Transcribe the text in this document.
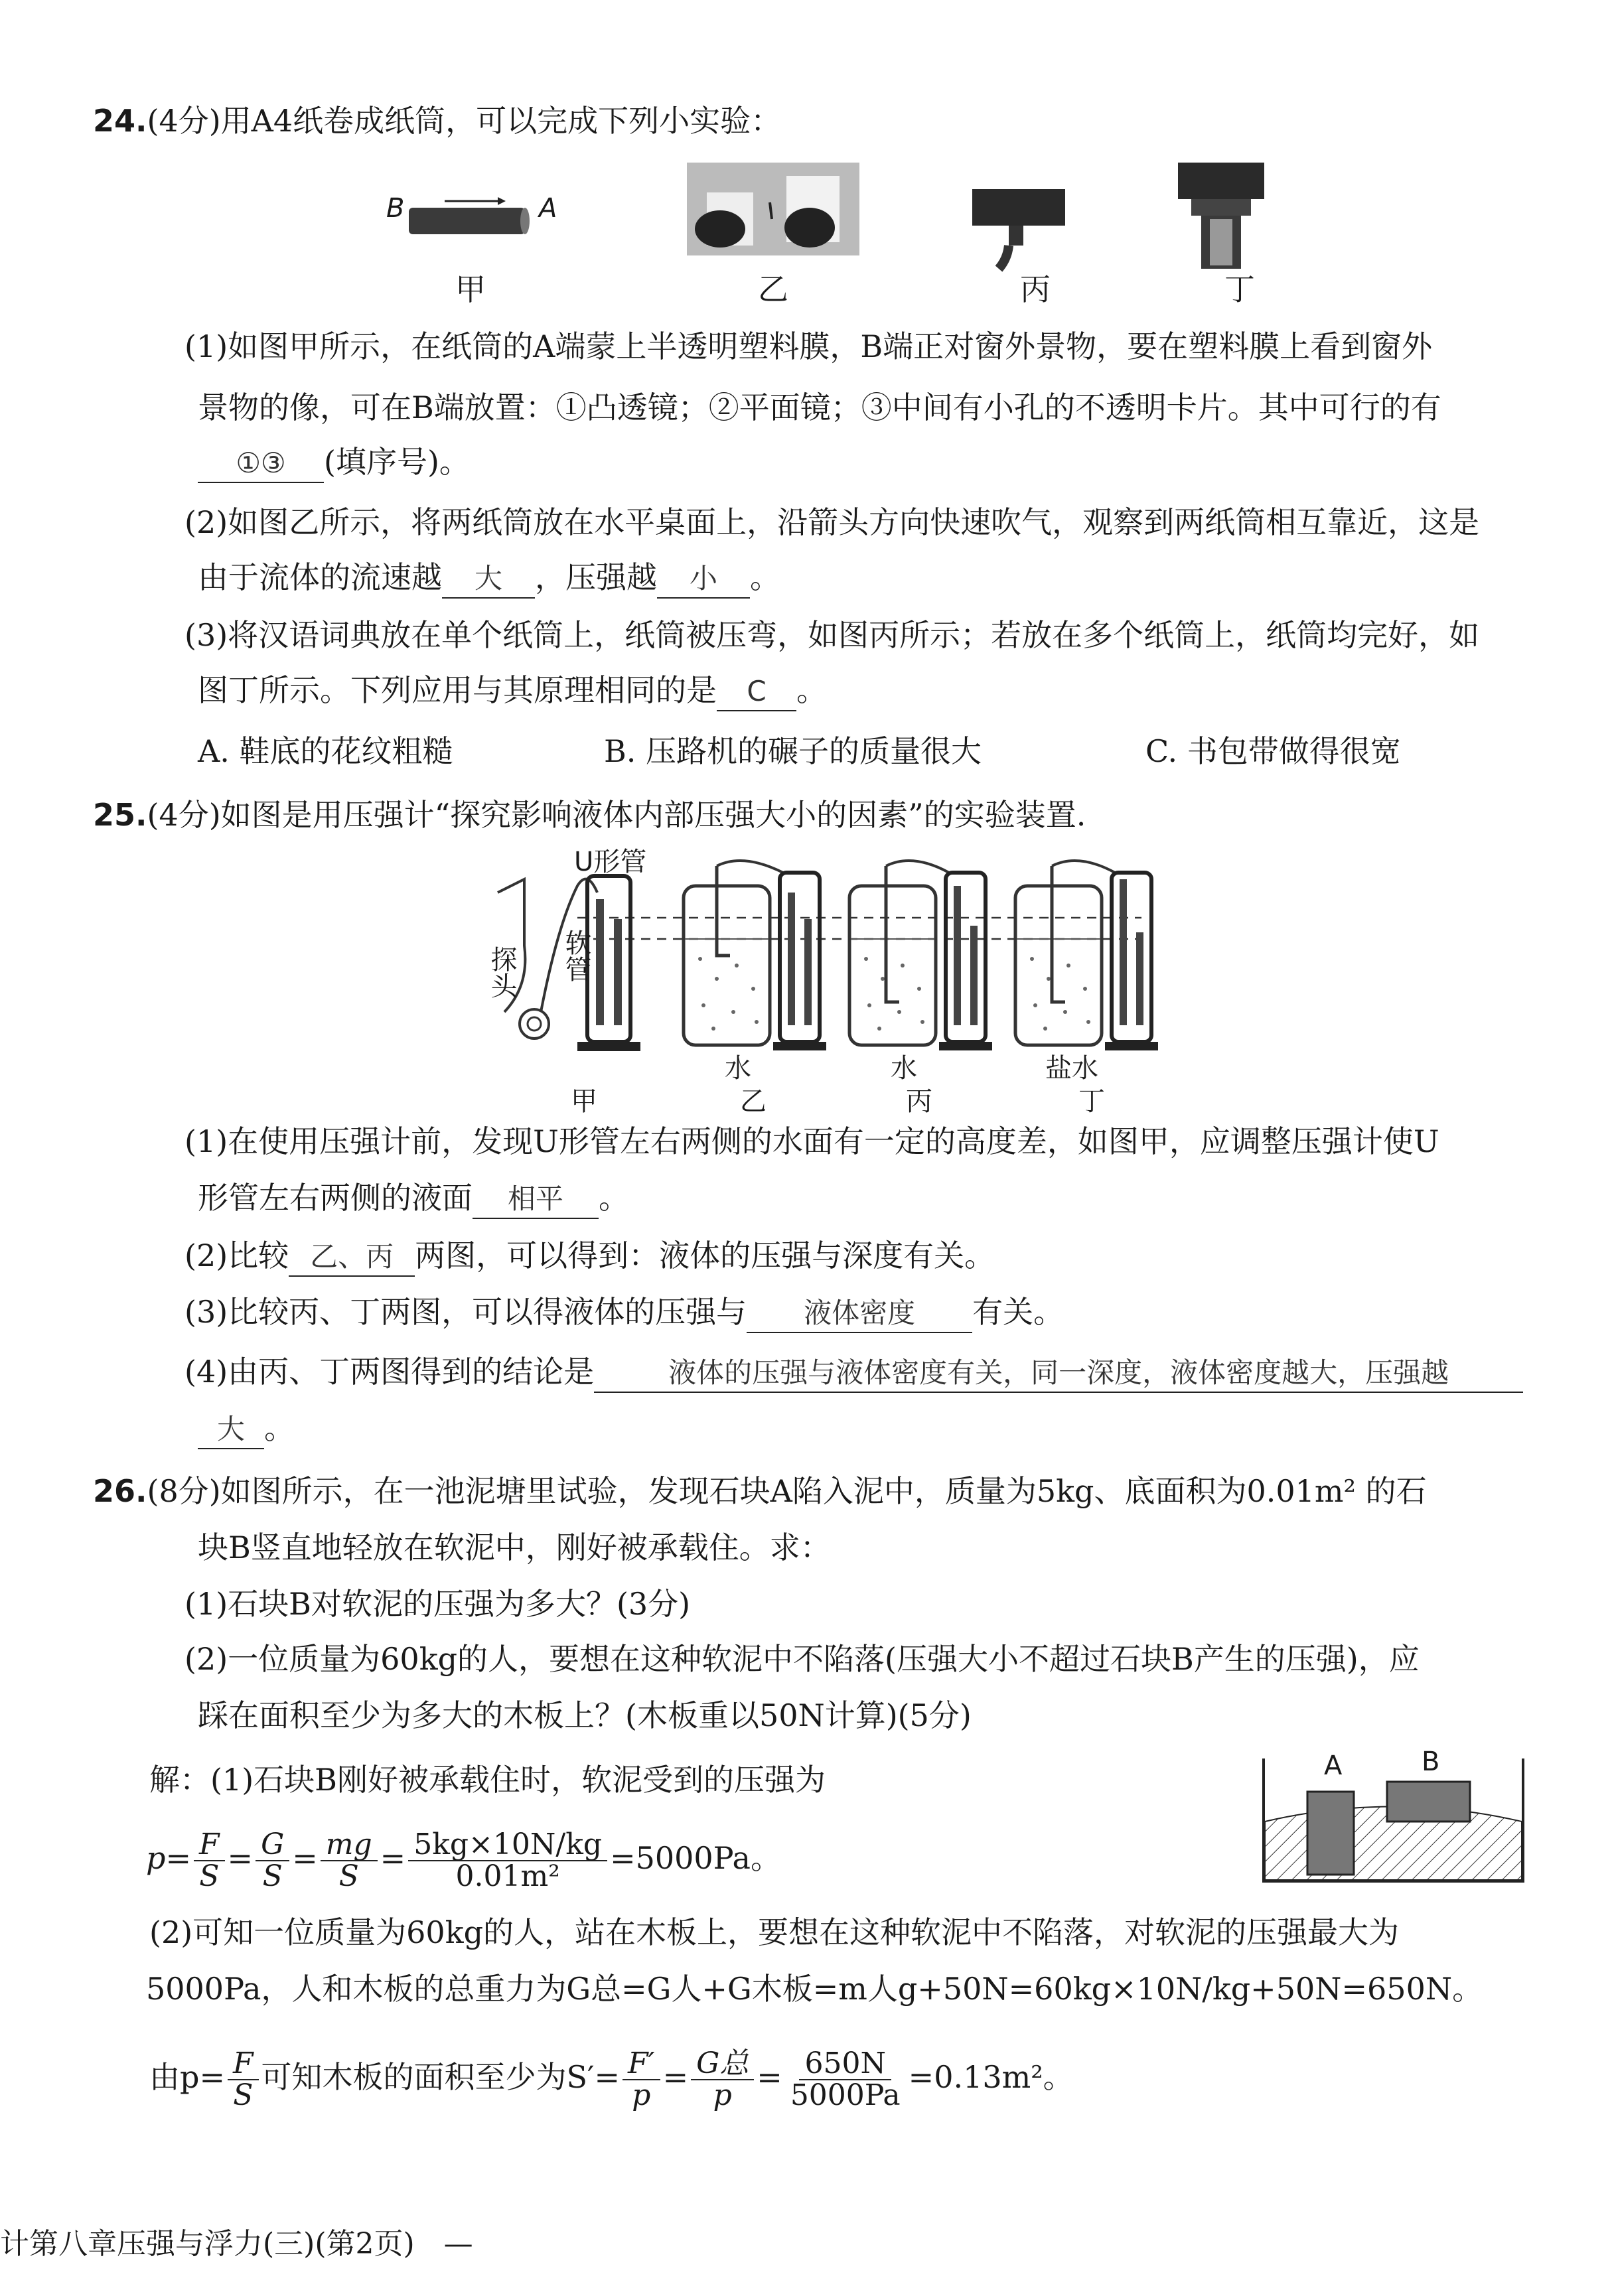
24.(4分)用A4纸卷成纸筒，可以完成下列小实验：
B	A
甲	乙	丙	丁
(1)如图甲所示，在纸筒的A端蒙上半透明塑料膜，B端正对窗外景物，要在塑料膜上看到窗外
景物的像，可在B端放置：①凸透镜；②平面镜；③中间有小孔的不透明卡片。其中可行的有
①③ (填序号)。
(2)如图乙所示，将两纸筒放在水平桌面上，沿箭头方向快速吹气，观察到两纸筒相互靠近，这是
由于流体的流速越 大 ，压强越 小 。
(3)将汉语词典放在单个纸筒上，纸筒被压弯，如图丙所示；若放在多个纸筒上，纸筒均完好，如
图丁所示。下列应用与其原理相同的是 C 。
A. 鞋底的花纹粗糙	B. 压路机的碾子的质量很大	C. 书包带做得很宽
25.(4分)如图是用压强计“探究影响液体内部压强大小的因素”的实验装置.
U形管
探头 软管
水	水	盐水
甲	乙	丙	丁
(1)在使用压强计前，发现U形管左右两侧的水面有一定的高度差，如图甲，应调整压强计使U
形管左右两侧的液面 相平 。
(2)比较 乙、丙 两图，可以得到：液体的压强与深度有关。
(3)比较丙、丁两图，可以得液体的压强与 液体密度 有关。
(4)由丙、丁两图得到的结论是	液体的压强与液体密度有关，同一深度，液体密度越大，压强越
大 。
26.(8分)如图所示，在一池泥塘里试验，发现石块A陷入泥中，质量为5kg、底面积为0.01m² 的石
块B竖直地轻放在软泥中，刚好被承载住。求：
(1)石块B对软泥的压强为多大？(3分)
(2)一位质量为60kg的人，要想在这种软泥中不陷落(压强大小不超过石块B产生的压强)，应
踩在面积至少为多大的木板上？(木板重以50N计算)(5分)
解：(1)石块B刚好被承载住时，软泥受到的压强为
$p= \frac{F}{S} = \frac{G}{S} = \frac{mg}{S} = \frac{5kg\times 10N/kg}{\text{0.01m²}} =5000Pa$。
A	B
(2)可知一位质量为60kg的人，站在木板上，要想在这种软泥中不陷落，对软泥的压强最大为
5000Pa，人和木板的总重力为G总=G人+G木板=m人g+50N=60kg×10N/kg+50N=650N。
由$p= \frac{F}{S}$ 可知木板的面积至少为$S'= \frac{F'}{p} = \frac{\text{G总}}{p} = \frac{650N}{5000Pa} =0.13m^2$。
计第八章压强与浮力(三)(第2页)　—
